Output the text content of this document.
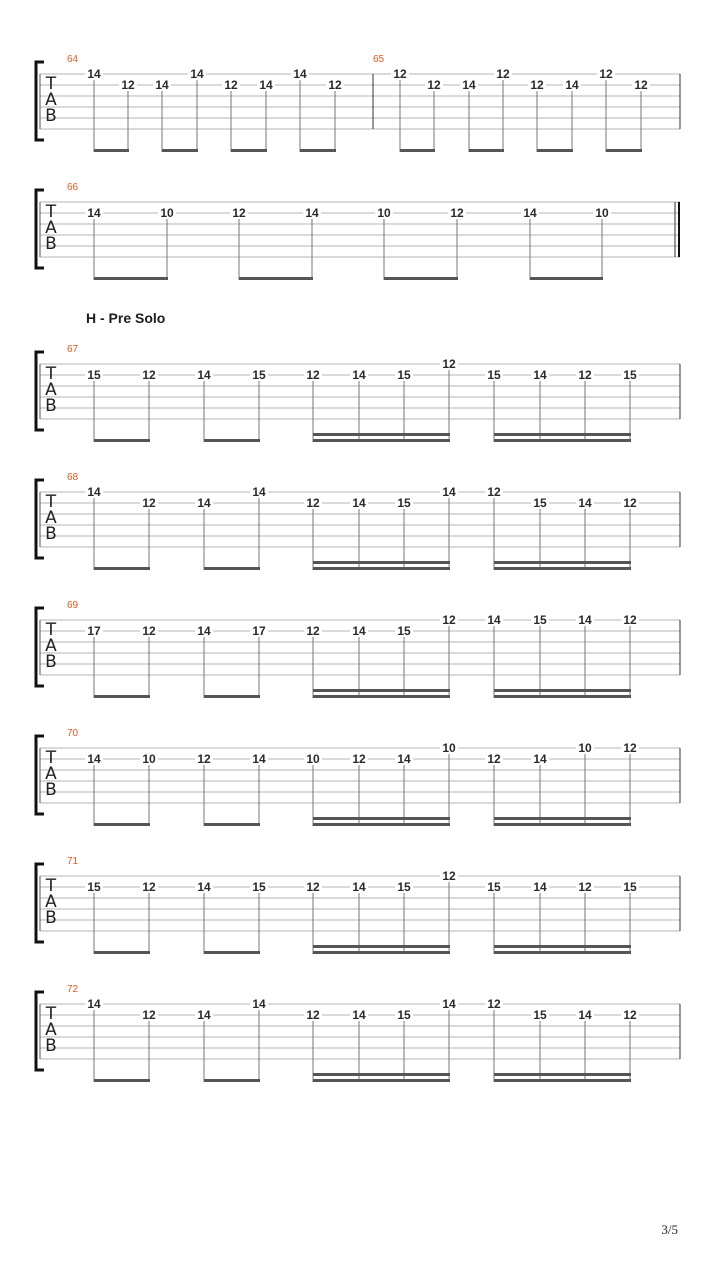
T
A
B
64
14
12 14
14
12 14
14
12
65
12
12 14
12
12 14
12
12
T
A
B
66
14	10	12	14	10	12	14	10
T
A
B
67
15	12	14	15	12	14	15
12
15	14	12	15
T
A
B
68
14
12	14
14
12	14	15
14	12
15	14	12
T
A
B
69
17	12	14	17	12	14	15
12	14	15	14	12
T
A
B
70
14	10	12	14	10	12	14
10
12	14
10	12
T
A
B
71
15	12	14	15	12	14	15
12
15	14	12	15
T
A
B
72
14
12	14
14
12	14	15
14	12
15	14	12
H - Pre Solo
3/5
